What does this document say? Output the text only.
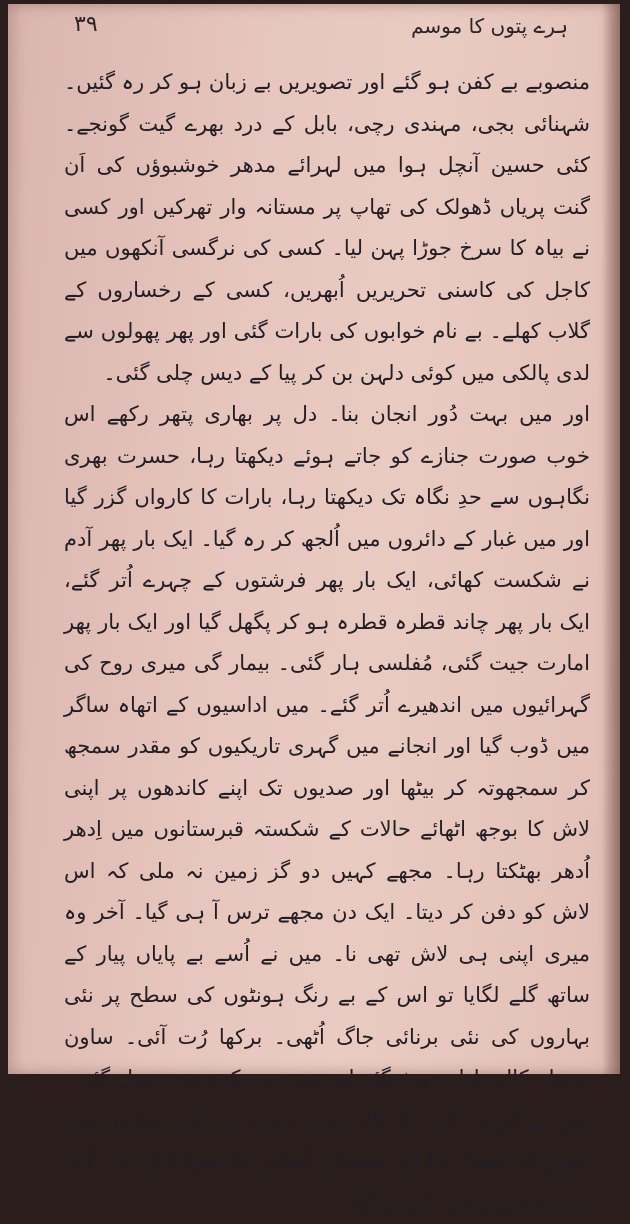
۳۹	ہرے پتوں کا موسم

منصوبے بے کفن ہو گئے اور تصویریں بے زبان ہو کر رہ گئیں۔ شہنائی بجی، مہندی رچی، بابل کے درد بھرے گیت گونجے۔ کئی حسین آنچل ہوا میں لہرائے مدھر خوشبوؤں کی اَن گنت پریاں ڈھولک کی تھاپ پر مستانہ وار تھرکیں اور کسی نے بیاہ کا سرخ جوڑا پہن لیا۔ کسی کی نرگسی آنکھوں میں کاجل کی کاسنی تحریریں اُبھریں، کسی کے رخساروں کے گلاب کھلے۔ بے نام خوابوں کی بارات گئی اور پھر پھولوں سے لدی پالکی میں کوئی دلہن بن کر پیا کے دیس چلی گئی۔

اور میں بہت دُور انجان بنا۔ دل پر بھاری پتھر رکھے اس خوب صورت جنازے کو جاتے ہوئے دیکھتا رہا، حسرت بھری نگاہوں سے حدِ نگاہ تک دیکھتا رہا، بارات کا کارواں گزر گیا اور میں غبار کے دائروں میں اُلجھ کر رہ گیا۔ ایک بار پھر آدم نے شکست کھائی، ایک بار پھر فرشتوں کے چہرے اُتر گئے، ایک بار پھر چاند قطرہ قطرہ ہو کر پگھل گیا اور ایک بار پھر امارت جیت گئی، مُفلسی ہار گئی۔ بیمار گی میری روح کی گہرائیوں میں اندھیرے اُتر گئے۔ میں اداسیوں کے اتھاہ ساگر میں ڈوب گیا اور انجانے میں گہری تاریکیوں کو مقدر سمجھ کر سمجھوتہ کر بیٹھا اور صدیوں تک اپنے کاندھوں پر اپنی لاش کا بوجھ اٹھائے حالات کے شکستہ قبرستانوں میں اِدھر اُدھر بھٹکتا رہا۔ مجھے کہیں دو گز زمین نہ ملی کہ اس لاش کو دفن کر دیتا۔ ایک دن مجھے ترس آ ہی گیا۔ آخر وہ میری اپنی ہی لاش تھی نا۔ میں نے اُسے بے پایاں پیار کے ساتھ گلے لگایا تو اس کے بے رنگ ہونٹوں کی سطح پر نئی بہاروں کی نئی برنائی جاگ اُٹھی۔ برکھا رُت آئی۔ ساون برسا۔ کالے بادل چھٹ گئے اور دور دور تک دھوپ پھیل گئی۔ میں نے گزرے "کل" کا کالا خواب اپنے ذہن کی دیواروں سے کھرچ کر پھینک دیا اور سجیلی آشاؤں کا سہارا لے کر "آج" کی رعنائیوں میں گم ہو گیا۔
